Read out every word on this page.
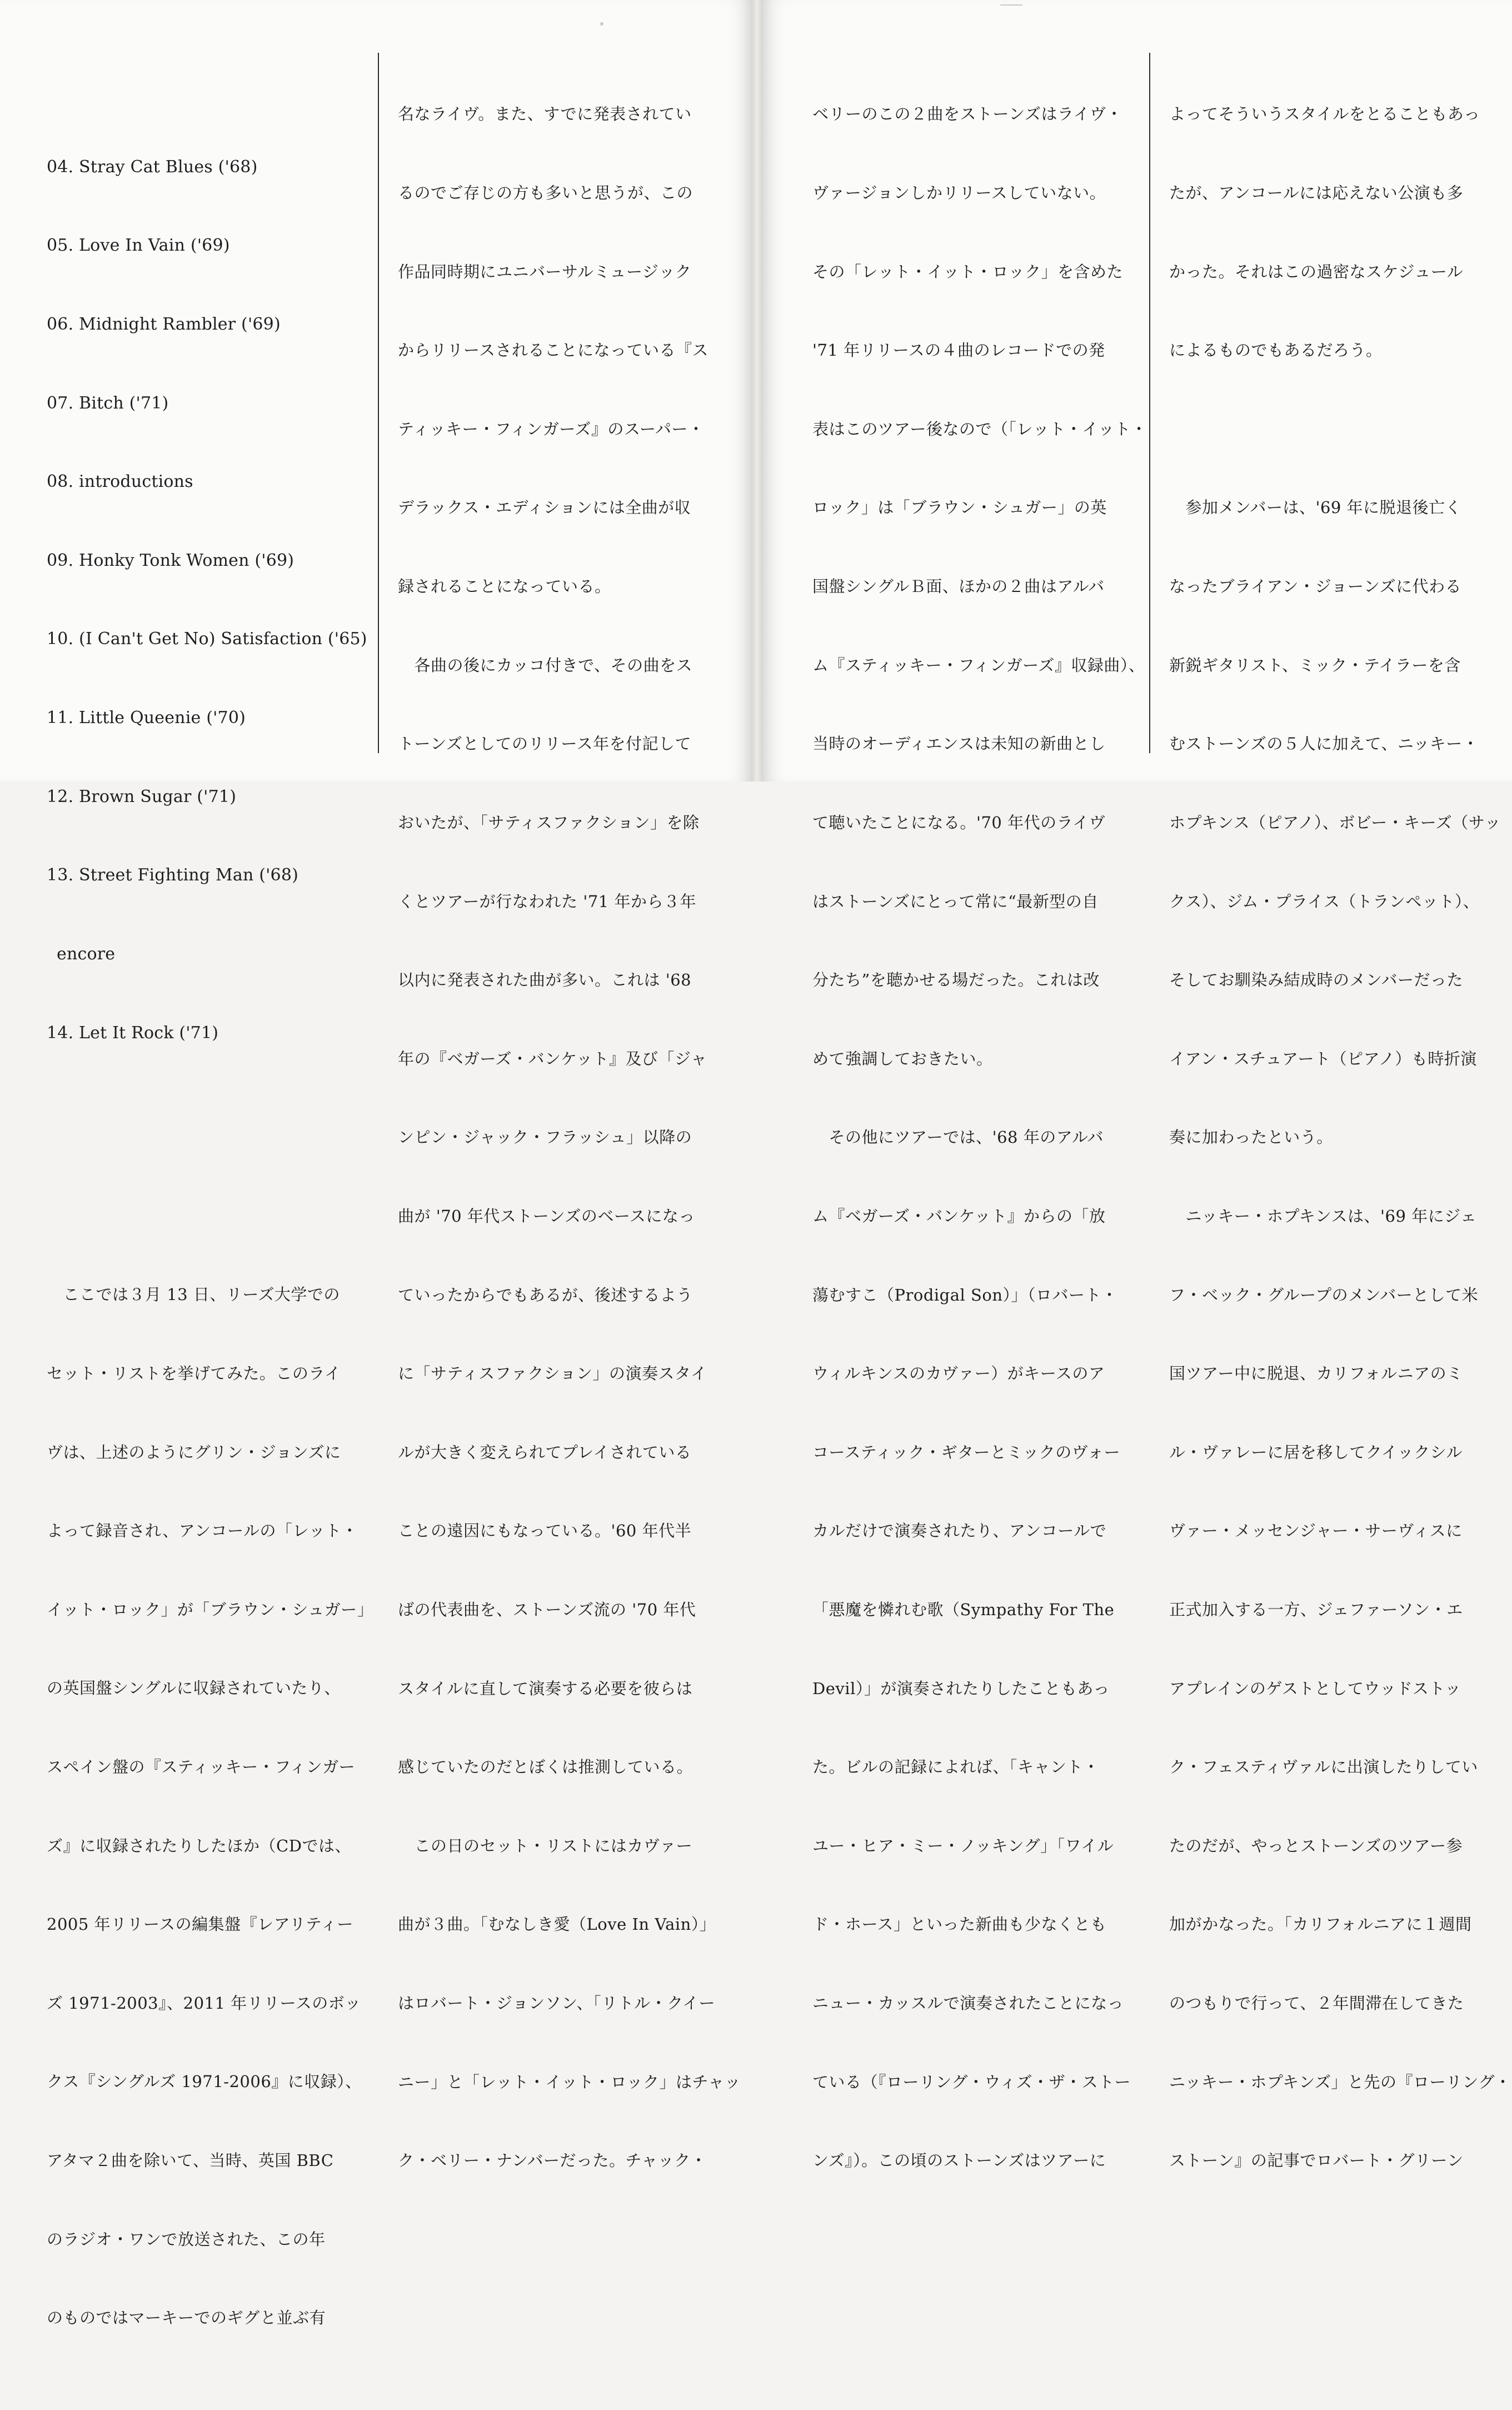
04. Stray Cat Blues ('68)

05. Love In Vain ('69)

06. Midnight Rambler ('69)

07. Bitch ('71)

08. introductions

09. Honky Tonk Women ('69)

10. (I Can't Get No) Satisfaction ('65)

11. Little Queenie ('70)

12. Brown Sugar ('71)

13. Street Fighting Man ('68)

encore

14. Let It Rock ('71)

　ここでは３月 13 日、リーズ大学での

セット・リストを挙げてみた。このライ

ヴは、上述のようにグリン・ジョンズに

よって録音され、アンコールの「レット・

イット・ロック」が「ブラウン・シュガー」

の英国盤シングルに収録されていたり、

スペイン盤の『スティッキー・フィンガー

ズ』に収録されたりしたほか（CDでは、

2005 年リリースの編集盤『レアリティー

ズ 1971-2003』、2011 年リリースのボッ

クス『シングルズ 1971-2006』に収録）、

アタマ２曲を除いて、当時、英国 BBC

のラジオ・ワンで放送された、この年

のものではマーキーでのギグと並ぶ有

名なライヴ。また、すでに発表されてい

るのでご存じの方も多いと思うが、この

作品同時期にユニバーサルミュージック

からリリースされることになっている『ス

ティッキー・フィンガーズ』のスーパー・

デラックス・エディションには全曲が収

録されることになっている。

　各曲の後にカッコ付きで、その曲をス

トーンズとしてのリリース年を付記して

おいたが、「サティスファクション」を除

くとツアーが行なわれた '71 年から３年

以内に発表された曲が多い。これは '68

年の『ベガーズ・バンケット』及び「ジャ

ンピン・ジャック・フラッシュ」以降の

曲が '70 年代ストーンズのベースになっ

ていったからでもあるが、後述するよう

に「サティスファクション」の演奏スタイ

ルが大きく変えられてプレイされている

ことの遠因にもなっている。'60 年代半

ばの代表曲を、ストーンズ流の '70 年代

スタイルに直して演奏する必要を彼らは

感じていたのだとぼくは推測している。

　この日のセット・リストにはカヴァー

曲が３曲。「むなしき愛（Love In Vain）」

はロバート・ジョンソン、「リトル・クイー

ニー」と「レット・イット・ロック」はチャッ

ク・ベリー・ナンバーだった。チャック・

ベリーのこの２曲をストーンズはライヴ・

ヴァージョンしかリリースしていない。

その「レット・イット・ロック」を含めた

'71 年リリースの４曲のレコードでの発

表はこのツアー後なので（「レット・イット・

ロック」は「ブラウン・シュガー」の英

国盤シングルＢ面、ほかの２曲はアルバ

ム『スティッキー・フィンガーズ』収録曲）、

当時のオーディエンスは未知の新曲とし

て聴いたことになる。'70 年代のライヴ

はストーンズにとって常に“最新型の自

分たち”を聴かせる場だった。これは改

めて強調しておきたい。

　その他にツアーでは、'68 年のアルバ

ム『ベガーズ・バンケット』からの「放

蕩むすこ（Prodigal Son）」（ロバート・

ウィルキンスのカヴァー）がキースのア

コースティック・ギターとミックのヴォー

カルだけで演奏されたり、アンコールで

「悪魔を憐れむ歌（Sympathy For The

Devil）」が演奏されたりしたこともあっ

た。ビルの記録によれば、「キャント・

ユー・ヒア・ミー・ノッキング」「ワイル

ド・ホース」といった新曲も少なくとも

ニュー・カッスルで演奏されたことになっ

ている（『ローリング・ウィズ・ザ・ストー

ンズ』）。この頃のストーンズはツアーに

よってそういうスタイルをとることもあっ

たが、アンコールには応えない公演も多

かった。それはこの過密なスケジュール

によるものでもあるだろう。

　参加メンバーは、'69 年に脱退後亡く

なったブライアン・ジョーンズに代わる

新鋭ギタリスト、ミック・テイラーを含

むストーンズの５人に加えて、ニッキー・

ホプキンス（ピアノ）、ボビー・キーズ（サッ

クス）、ジム・プライス（トランペット）、

そしてお馴染み結成時のメンバーだった

イアン・スチュアート（ピアノ）も時折演

奏に加わったという。

　ニッキー・ホプキンスは、'69 年にジェ

フ・ベック・グループのメンバーとして米

国ツアー中に脱退、カリフォルニアのミ

ル・ヴァレーに居を移してクイックシル

ヴァー・メッセンジャー・サーヴィスに

正式加入する一方、ジェファーソン・エ

アプレインのゲストとしてウッドストッ

ク・フェスティヴァルに出演したりしてい

たのだが、やっとストーンズのツアー参

加がかなった。「カリフォルニアに１週間

のつもりで行って、２年間滞在してきた

ニッキー・ホプキンズ」と先の『ローリング・

ストーン』の記事でロバート・グリーン
